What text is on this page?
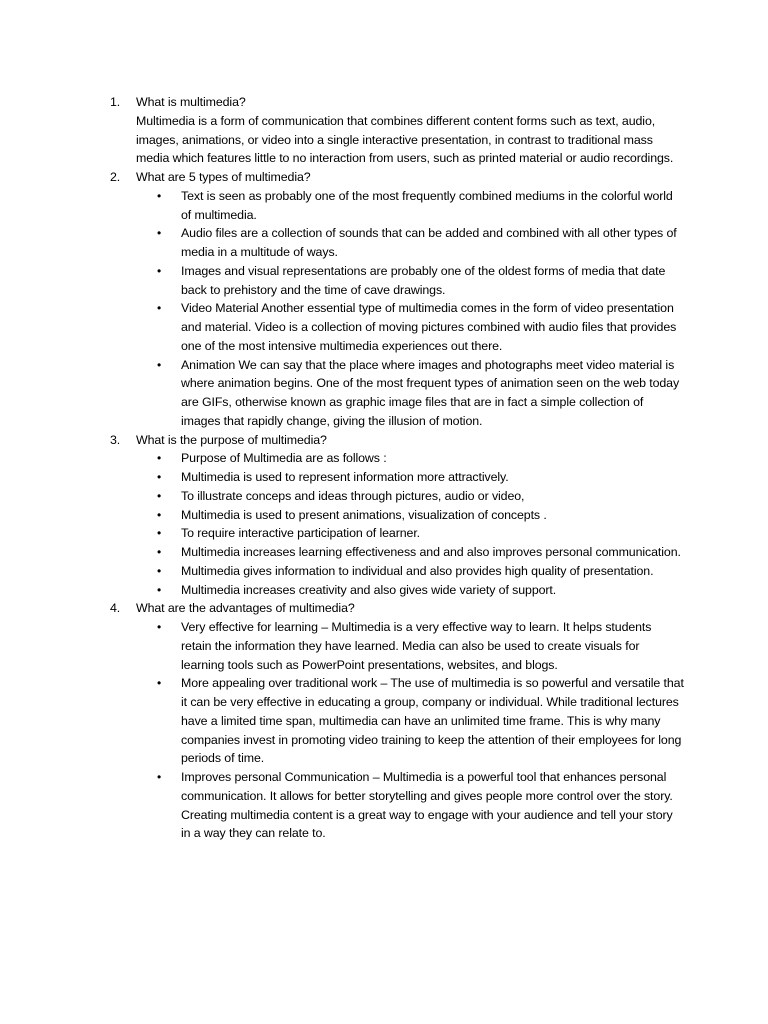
1. What is multimedia?
Multimedia is a form of communication that combines different content forms such as text, audio, images, animations, or video into a single interactive presentation, in contrast to traditional mass media which features little to no interaction from users, such as printed material or audio recordings.
2. What are 5 types of multimedia?
• Text is seen as probably one of the most frequently combined mediums in the colorful world of multimedia.
• Audio files are a collection of sounds that can be added and combined with all other types of media in a multitude of ways.
• Images and visual representations are probably one of the oldest forms of media that date back to prehistory and the time of cave drawings.
• Video Material Another essential type of multimedia comes in the form of video presentation and material. Video is a collection of moving pictures combined with audio files that provides one of the most intensive multimedia experiences out there.
• Animation We can say that the place where images and photographs meet video material is where animation begins. One of the most frequent types of animation seen on the web today are GIFs, otherwise known as graphic image files that are in fact a simple collection of images that rapidly change, giving the illusion of motion.
3. What is the purpose of multimedia?
• Purpose of Multimedia are as follows :
• Multimedia is used to represent information more attractively.
• To illustrate conceps and ideas through pictures, audio or video,
• Multimedia is used to present animations, visualization of concepts .
• To require interactive participation of learner.
• Multimedia increases learning effectiveness and and also improves personal communication.
• Multimedia gives information to individual and also provides high quality of presentation.
• Multimedia increases creativity and also gives wide variety of support.
4. What are the advantages of multimedia?
• Very effective for learning – Multimedia is a very effective way to learn. It helps students retain the information they have learned. Media can also be used to create visuals for learning tools such as PowerPoint presentations, websites, and blogs.
• More appealing over traditional work – The use of multimedia is so powerful and versatile that it can be very effective in educating a group, company or individual. While traditional lectures have a limited time span, multimedia can have an unlimited time frame. This is why many companies invest in promoting video training to keep the attention of their employees for long periods of time.
• Improves personal Communication – Multimedia is a powerful tool that enhances personal communication. It allows for better storytelling and gives people more control over the story. Creating multimedia content is a great way to engage with your audience and tell your story in a way they can relate to.
